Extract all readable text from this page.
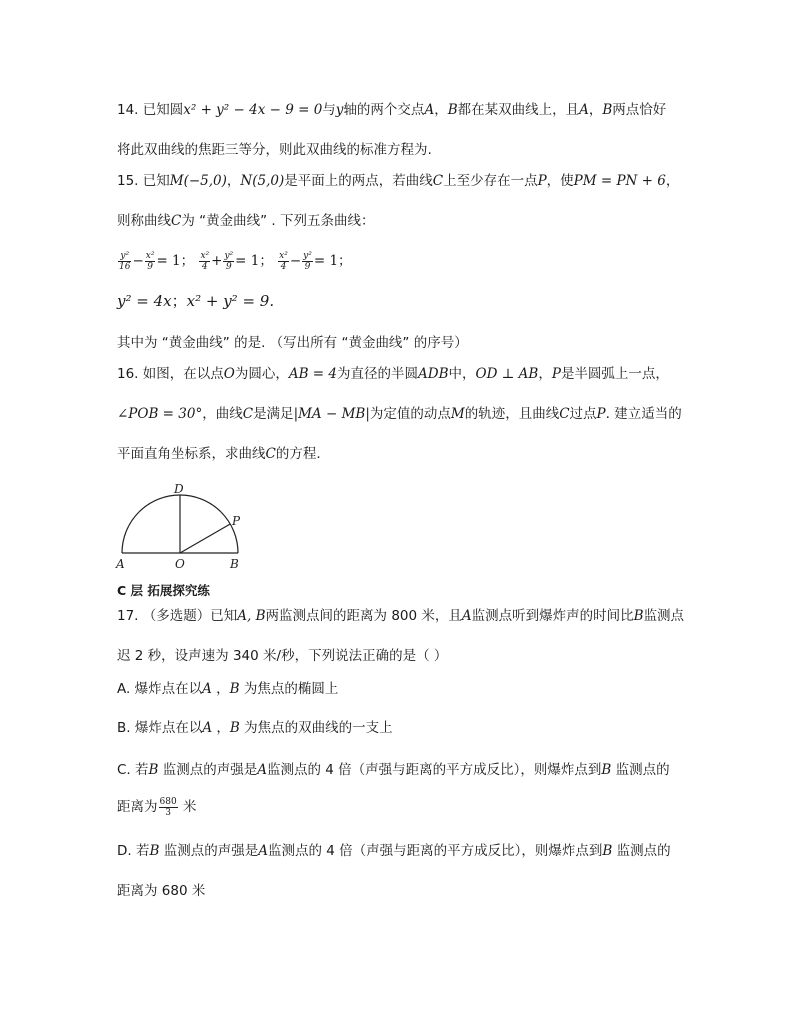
14. 已知圆x² + y² − 4x − 9 = 0与y轴的两个交点A，B都在某双曲线上，且A，B两点恰好
将此双曲线的焦距三等分，则此双曲线的标准方程为.
15. 已知M(−5,0)，N(5,0)是平面上的两点，若曲线C上至少存在一点P，使PM = PN + 6，
则称曲线C为 “黄金曲线” . 下列五条曲线：
$\frac{\text{y²}}{16} - \frac{\text{x²}}{9} = 1$； $\frac{\text{x²}}{4} + \frac{\text{y²}}{9} = 1$； $\frac{\text{x²}}{4} - \frac{\text{y²}}{9} = 1$；
y² = 4x；x² + y² = 9.
其中为 “黄金曲线” 的是. （写出所有 “黄金曲线” 的序号）
16. 如图，在以点O为圆心，AB = 4为直径的半圆ADB中，OD ⊥ AB，P是半圆弧上一点，
∠POB = 30°，曲线C是满足|MA − MB|为定值的动点M的轨迹，且曲线C过点P. 建立适当的
平面直角坐标系，求曲线C的方程.
D
P
A	O	B
C 层 拓展探究练
17. （多选题）已知A, B两监测点间的距离为 800 米，且A监测点听到爆炸声的时间比B监测点
迟 2 秒，设声速为 340 米/秒，下列说法正确的是（ ）
A. 爆炸点在以A ，B 为焦点的椭圆上
B. 爆炸点在以A ，B 为焦点的双曲线的一支上
C. 若B 监测点的声强是A监测点的 4 倍（声强与距离的平方成反比），则爆炸点到B 监测点的
距离为 $\frac{680}{3}$ 米
D. 若B 监测点的声强是A监测点的 4 倍（声强与距离的平方成反比），则爆炸点到B 监测点的
距离为 680 米
